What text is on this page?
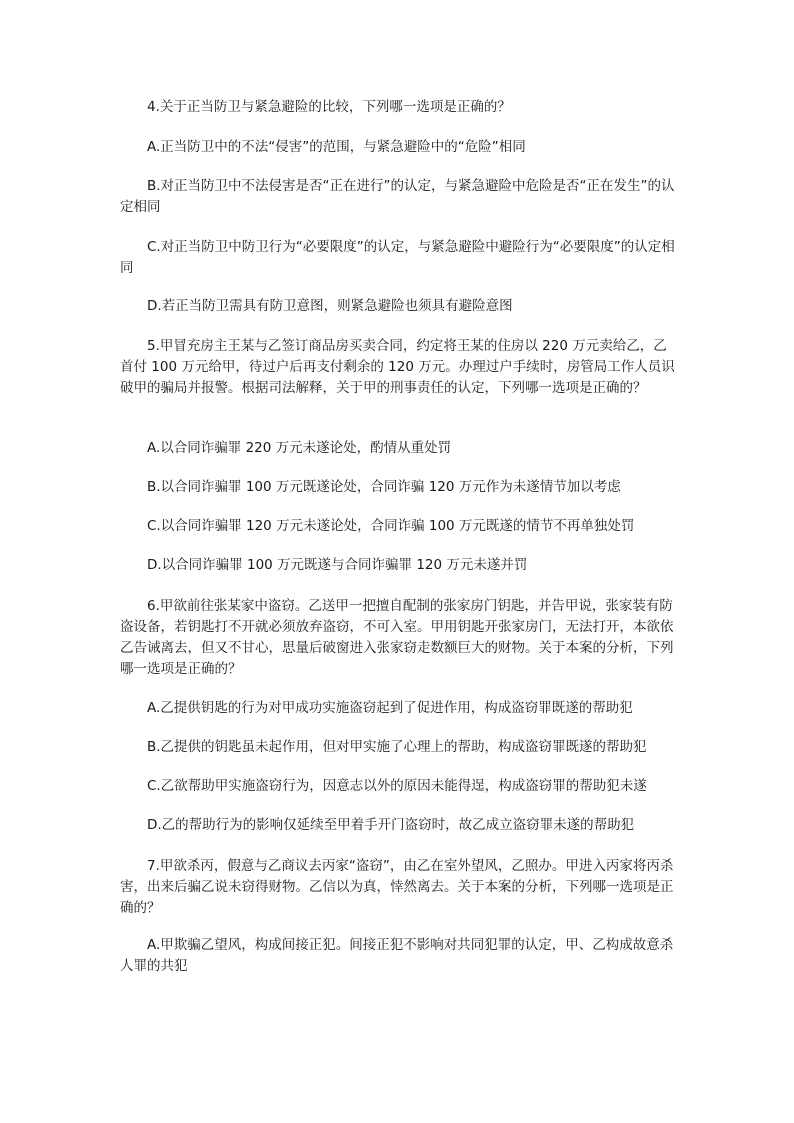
4.关于正当防卫与紧急避险的比较，下列哪一选项是正确的？

A.正当防卫中的不法“侵害”的范围，与紧急避险中的“危险”相同

B.对正当防卫中不法侵害是否“正在进行”的认定，与紧急避险中危险是否“正在发生”的认定相同

C.对正当防卫中防卫行为“必要限度”的认定，与紧急避险中避险行为“必要限度”的认定相同

D.若正当防卫需具有防卫意图，则紧急避险也须具有避险意图

5.甲冒充房主王某与乙签订商品房买卖合同，约定将王某的住房以 220 万元卖给乙，乙首付 100 万元给甲，待过户后再支付剩余的 120 万元。办理过户手续时，房管局工作人员识破甲的骗局并报警。根据司法解释，关于甲的刑事责任的认定，下列哪一选项是正确的？

A.以合同诈骗罪 220 万元未遂论处，酌情从重处罚

B.以合同诈骗罪 100 万元既遂论处，合同诈骗 120 万元作为未遂情节加以考虑

C.以合同诈骗罪 120 万元未遂论处，合同诈骗 100 万元既遂的情节不再单独处罚

D.以合同诈骗罪 100 万元既遂与合同诈骗罪 120 万元未遂并罚

6.甲欲前往张某家中盗窃。乙送甲一把擅自配制的张家房门钥匙，并告甲说，张家装有防盗设备，若钥匙打不开就必须放弃盗窃，不可入室。甲用钥匙开张家房门，无法打开，本欲依乙告诫离去，但又不甘心，思量后破窗进入张家窃走数额巨大的财物。关于本案的分析，下列哪一选项是正确的？

A.乙提供钥匙的行为对甲成功实施盗窃起到了促进作用，构成盗窃罪既遂的帮助犯

B.乙提供的钥匙虽未起作用，但对甲实施了心理上的帮助，构成盗窃罪既遂的帮助犯

C.乙欲帮助甲实施盗窃行为，因意志以外的原因未能得逞，构成盗窃罪的帮助犯未遂

D.乙的帮助行为的影响仅延续至甲着手开门盗窃时，故乙成立盗窃罪未遂的帮助犯

7.甲欲杀丙，假意与乙商议去丙家“盗窃”，由乙在室外望风，乙照办。甲进入丙家将丙杀害，出来后骗乙说未窃得财物。乙信以为真，悻然离去。关于本案的分析，下列哪一选项是正确的？

A.甲欺骗乙望风，构成间接正犯。间接正犯不影响对共同犯罪的认定，甲、乙构成故意杀人罪的共犯
